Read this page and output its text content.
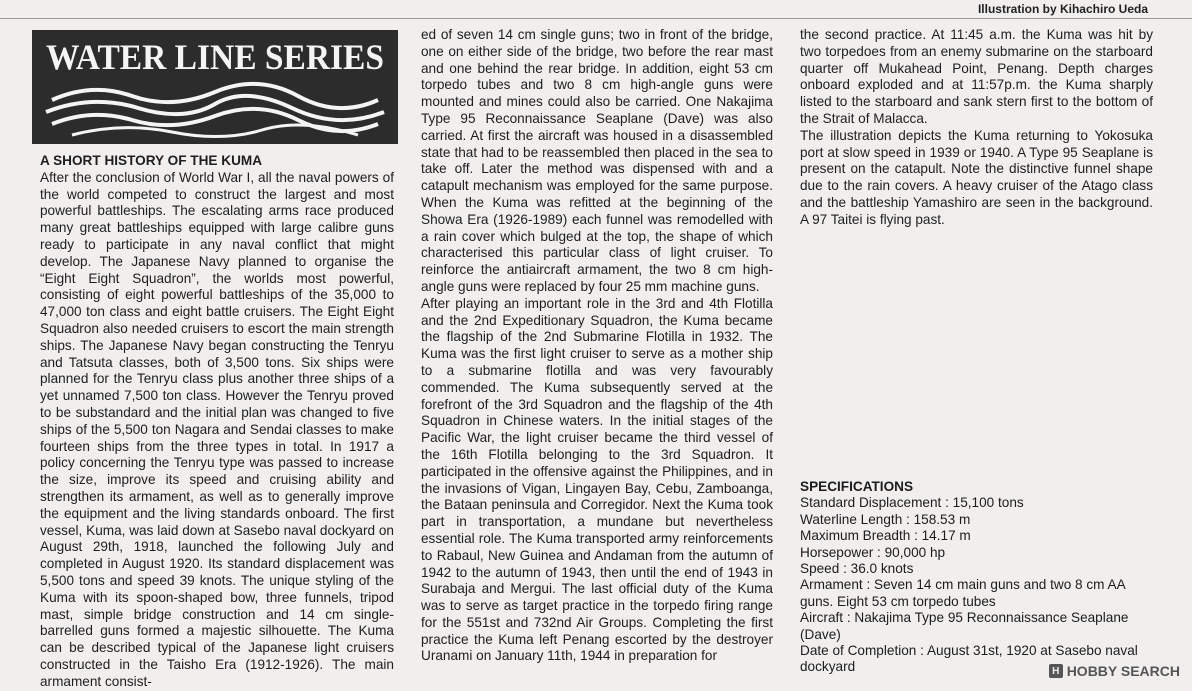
Illustration by Kihachiro Ueda
WATER LINE SERIES
A SHORT HISTORY OF THE KUMA

After the conclusion of World War I, all the naval powers of the world competed to construct the largest and most powerful battleships. The escalating arms race produced many great battleships equipped with large calibre guns ready to participate in any naval conflict that might develop. The Japanese Navy planned to organise the “Eight Eight Squadron”, the worlds most powerful, consisting of eight powerful battleships of the 35,000 to 47,000 ton class and eight battle cruisers. The Eight Eight Squadron also needed cruisers to escort the main strength ships. The Japanese Navy began constructing the Tenryu and Tatsuta classes, both of 3,500 tons. Six ships were planned for the Tenryu class plus another three ships of a yet unnamed 7,500 ton class. However the Tenryu proved to be substandard and the initial plan was changed to five ships of the 5,500 ton Nagara and Sendai classes to make fourteen ships from the three types in total. In 1917 a policy concerning the Tenryu type was passed to increase the size, improve its speed and cruising ability and strengthen its armament, as well as to generally improve the equipment and the living standards onboard. The first vessel, Kuma, was laid down at Sasebo naval dockyard on August 29th, 1918, launched the following July and completed in August 1920. Its standard displacement was 5,500 tons and speed 39 knots. The unique styling of the Kuma with its spoon-shaped bow, three funnels, tripod mast, simple bridge construction and 14 cm single-barrelled guns formed a majestic silhouette. The Kuma can be described typical of the Japanese light cruisers constructed in the Taisho Era (1912-1926). The main armament consist-

ed of seven 14 cm single guns; two in front of the bridge, one on either side of the bridge, two before the rear mast and one behind the rear bridge. In addition, eight 53 cm torpedo tubes and two 8 cm high-angle guns were mounted and mines could also be carried. One Nakajima Type 95 Reconnaissance Seaplane (Dave) was also carried. At first the aircraft was housed in a disassembled state that had to be reassembled then placed in the sea to take off. Later the method was dispensed with and a catapult mechanism was employed for the same purpose. When the Kuma was refitted at the beginning of the Showa Era (1926-1989) each funnel was remodelled with a rain cover which bulged at the top, the shape of which characterised this particular class of light cruiser. To reinforce the antiaircraft armament, the two 8 cm high-angle guns were replaced by four 25 mm machine guns.

After playing an important role in the 3rd and 4th Flotilla and the 2nd Expeditionary Squadron, the Kuma became the flagship of the 2nd Submarine Flotilla in 1932. The Kuma was the first light cruiser to serve as a mother ship to a submarine flotilla and was very favourably commended. The Kuma subsequently served at the forefront of the 3rd Squadron and the flagship of the 4th Squadron in Chinese waters. In the initial stages of the Pacific War, the light cruiser became the third vessel of the 16th Flotilla belonging to the 3rd Squadron. It participated in the offensive against the Philippines, and in the invasions of Vigan, Lingayen Bay, Cebu, Zamboanga, the Bataan peninsula and Corregidor. Next the Kuma took part in transportation, a mundane but nevertheless essential role. The Kuma transported army reinforcements to Rabaul, New Guinea and Andaman from the autumn of 1942 to the autumn of 1943, then until the end of 1943 in Surabaja and Mergui. The last official duty of the Kuma was to serve as target practice in the torpedo firing range for the 551st and 732nd Air Groups. Completing the first practice the Kuma left Penang escorted by the destroyer Uranami on January 11th, 1944 in preparation for

the second practice. At 11:45 a.m. the Kuma was hit by two torpedoes from an enemy submarine on the starboard quarter off Mukahead Point, Penang. Depth charges onboard exploded and at 11:57p.m. the Kuma sharply listed to the starboard and sank stern first to the bottom of the Strait of Malacca.

The illustration depicts the Kuma returning to Yokosuka port at slow speed in 1939 or 1940. A Type 95 Seaplane is present on the catapult. Note the distinctive funnel shape due to the rain covers. A heavy cruiser of the Atago class and the battleship Yamashiro are seen in the background. A 97 Taitei is flying past.

SPECIFICATIONS

Standard Displacement : 15,100 tons

Waterline Length : 158.53 m

Maximum Breadth : 14.17 m

Horsepower : 90,000 hp

Speed : 36.0 knots

Armament : Seven 14 cm main guns and two 8 cm AA guns. Eight 53 cm torpedo tubes

Aircraft : Nakajima Type 95 Reconnaissance Seaplane (Dave)

Date of Completion : August 31st, 1920 at Sasebo naval dockyard	H HOBBY SEARCH
